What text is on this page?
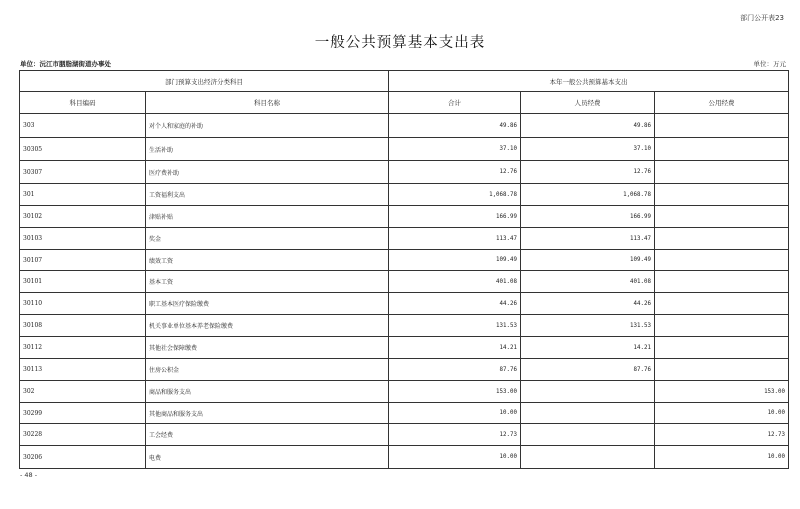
部门公开表23
一般公共预算基本支出表
单位：沅江市胭脂湖街道办事处	单位：万元
部门预算支出经济分类科目		本年一般公共预算基本支出		
科目编码	科目名称	合计	人员经费	公用经费
303	对个人和家庭的补助	49.86	49.86	
30305	生活补助	37.10	37.10	
30307	医疗费补助	12.76	12.76	
301	工资福利支出	1,068.78	1,068.78	
30102	津贴补贴	166.99	166.99	
30103	奖金	113.47	113.47	
30107	绩效工资	109.49	109.49	
30101	基本工资	401.08	401.08	
30110	职工基本医疗保险缴费	44.26	44.26	
30108	机关事业单位基本养老保险缴费	131.53	131.53	
30112	其他社会保障缴费	14.21	14.21	
30113	住房公积金	87.76	87.76	
302	商品和服务支出	153.00		153.00
30299	其他商品和服务支出	10.00		10.00
30228	工会经费	12.73		12.73
30206	电费	10.00		10.00
- 48 -
